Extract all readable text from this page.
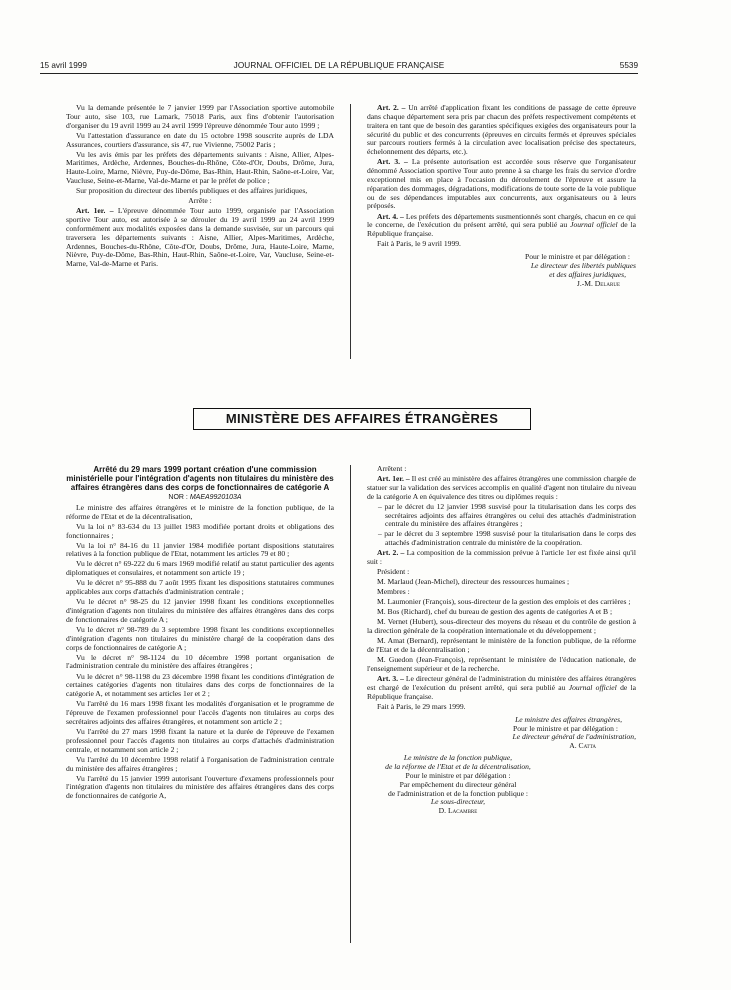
15 avril 1999	JOURNAL OFFICIEL DE LA RÉPUBLIQUE FRANÇAISE	5539

Vu la demande présentée le 7 janvier 1999 par l'Association sportive automobile Tour auto, sise 103, rue Lamark, 75018 Paris, aux fins d'obtenir l'autorisation d'organiser du 19 avril 1999 au 24 avril 1999 l'épreuve dénommée Tour auto 1999 ;

Vu l'attestation d'assurance en date du 15 octobre 1998 souscrite auprès de LDA Assurances, courtiers d'assurance, sis 47, rue Vivienne, 75002 Paris ;

Vu les avis émis par les préfets des départements suivants : Aisne, Allier, Alpes-Maritimes, Ardèche, Ardennes, Bouches-du-Rhône, Côte-d'Or, Doubs, Drôme, Jura, Haute-Loire, Marne, Nièvre, Puy-de-Dôme, Bas-Rhin, Haut-Rhin, Saône-et-Loire, Var, Vaucluse, Seine-et-Marne, Val-de-Marne et par le préfet de police ;

Sur proposition du directeur des libertés publiques et des affaires juridiques,

Arrête :

Art. 1er. – L'épreuve dénommée Tour auto 1999, organisée par l'Association sportive Tour auto, est autorisée à se dérouler du 19 avril 1999 au 24 avril 1999 conformément aux modalités exposées dans la demande susvisée, sur un parcours qui traversera les départements suivants : Aisne, Allier, Alpes-Maritimes, Ardèche, Ardennes, Bouches-du-Rhône, Côte-d'Or, Doubs, Drôme, Jura, Haute-Loire, Marne, Nièvre, Puy-de-Dôme, Bas-Rhin, Haut-Rhin, Saône-et-Loire, Var, Vaucluse, Seine-et-Marne, Val-de-Marne et Paris.

Art. 2. – Un arrêté d'application fixant les conditions de passage de cette épreuve dans chaque département sera pris par chacun des préfets respectivement compétents et traitera en tant que de besoin des garanties spécifiques exigées des organisateurs pour la sécurité du public et des concurrents (épreuves en circuits fermés et épreuves spéciales sur parcours routiers fermés à la circulation avec localisation précise des spectateurs, échelonnement des départs, etc.).

Art. 3. – La présente autorisation est accordée sous réserve que l'organisateur dénommé Association sportive Tour auto prenne à sa charge les frais du service d'ordre exceptionnel mis en place à l'occasion du déroulement de l'épreuve et assure la réparation des dommages, dégradations, modifications de toute sorte de la voie publique ou de ses dépendances imputables aux concurrents, aux organisateurs ou à leurs préposés.

Art. 4. – Les préfets des départements susmentionnés sont chargés, chacun en ce qui le concerne, de l'exécution du présent arrêté, qui sera publié au Journal officiel de la République française.

Fait à Paris, le 9 avril 1999.

Pour le ministre et par délégation :

Le directeur des libertés publiques

et des affaires juridiques,

J.-M. Delarue

MINISTÈRE DES AFFAIRES ÉTRANGÈRES

Arrêté du 29 mars 1999 portant création d'une commission ministérielle pour l'intégration d'agents non titulaires du ministère des affaires étrangères dans des corps de fonctionnaires de catégorie A

NOR : MAEA9920103A

Le ministre des affaires étrangères et le ministre de la fonction publique, de la réforme de l'Etat et de la décentralisation,

Vu la loi n° 83-634 du 13 juillet 1983 modifiée portant droits et obligations des fonctionnaires ;

Vu la loi n° 84-16 du 11 janvier 1984 modifiée portant dispositions statutaires relatives à la fonction publique de l'Etat, notamment les articles 79 et 80 ;

Vu le décret n° 69-222 du 6 mars 1969 modifié relatif au statut particulier des agents diplomatiques et consulaires, et notamment son article 19 ;

Vu le décret n° 95-888 du 7 août 1995 fixant les dispositions statutaires communes applicables aux corps d'attachés d'administration centrale ;

Vu le décret n° 98-25 du 12 janvier 1998 fixant les conditions exceptionnelles d'intégration d'agents non titulaires du ministère des affaires étrangères dans des corps de fonctionnaires de catégorie A ;

Vu le décret n° 98-789 du 3 septembre 1998 fixant les conditions exceptionnelles d'intégration d'agents non titulaires du ministère chargé de la coopération dans des corps de fonctionnaires de catégorie A ;

Vu le décret n° 98-1124 du 10 décembre 1998 portant organisation de l'administration centrale du ministère des affaires étrangères ;

Vu le décret n° 98-1198 du 23 décembre 1998 fixant les conditions d'intégration de certaines catégories d'agents non titulaires dans des corps de fonctionnaires de la catégorie A, et notamment ses articles 1er et 2 ;

Vu l'arrêté du 16 mars 1998 fixant les modalités d'organisation et le programme de l'épreuve de l'examen professionnel pour l'accès d'agents non titulaires au corps des secrétaires adjoints des affaires étrangères, et notamment son article 2 ;

Vu l'arrêté du 27 mars 1998 fixant la nature et la durée de l'épreuve de l'examen professionnel pour l'accès d'agents non titulaires au corps d'attachés d'administration centrale, et notamment son article 2 ;

Vu l'arrêté du 10 décembre 1998 relatif à l'organisation de l'administration centrale du ministère des affaires étrangères ;

Vu l'arrêté du 15 janvier 1999 autorisant l'ouverture d'examens professionnels pour l'intégration d'agents non titulaires du ministère des affaires étrangères dans des corps de fonctionnaires de catégorie A,

Arrêtent :

Art. 1er. – Il est créé au ministère des affaires étrangères une commission chargée de statuer sur la validation des services accomplis en qualité d'agent non titulaire du niveau de la catégorie A en équivalence des titres ou diplômes requis :

– par le décret du 12 janvier 1998 susvisé pour la titularisation dans les corps des secrétaires adjoints des affaires étrangères ou celui des attachés d'administration centrale du ministère des affaires étrangères ;

– par le décret du 3 septembre 1998 susvisé pour la titularisation dans le corps des attachés d'administration centrale du ministère de la coopération.

Art. 2. – La composition de la commission prévue à l'article 1er est fixée ainsi qu'il suit :

Président :

M. Marlaud (Jean-Michel), directeur des ressources humaines ;

Membres :

M. Laumonier (François), sous-directeur de la gestion des emplois et des carrières ;

M. Bos (Richard), chef du bureau de gestion des agents de catégories A et B ;

M. Vernet (Hubert), sous-directeur des moyens du réseau et du contrôle de gestion à la direction générale de la coopération internationale et du développement ;

M. Amat (Bernard), représentant le ministère de la fonction publique, de la réforme de l'Etat et de la décentralisation ;

M. Guedon (Jean-François), représentant le ministère de l'éducation nationale, de l'enseignement supérieur et de la recherche.

Art. 3. – Le directeur général de l'administration du ministère des affaires étrangères est chargé de l'exécution du présent arrêté, qui sera publié au Journal officiel de la République française.

Fait à Paris, le 29 mars 1999.

Le ministre des affaires étrangères,

Pour le ministre et par délégation :

Le directeur général de l'administration,

A. Catta

Le ministre de la fonction publique,

de la réforme de l'Etat et de la décentralisation,

Pour le ministre et par délégation :

Par empêchement du directeur général

de l'administration et de la fonction publique :

Le sous-directeur,

D. Lacambre
